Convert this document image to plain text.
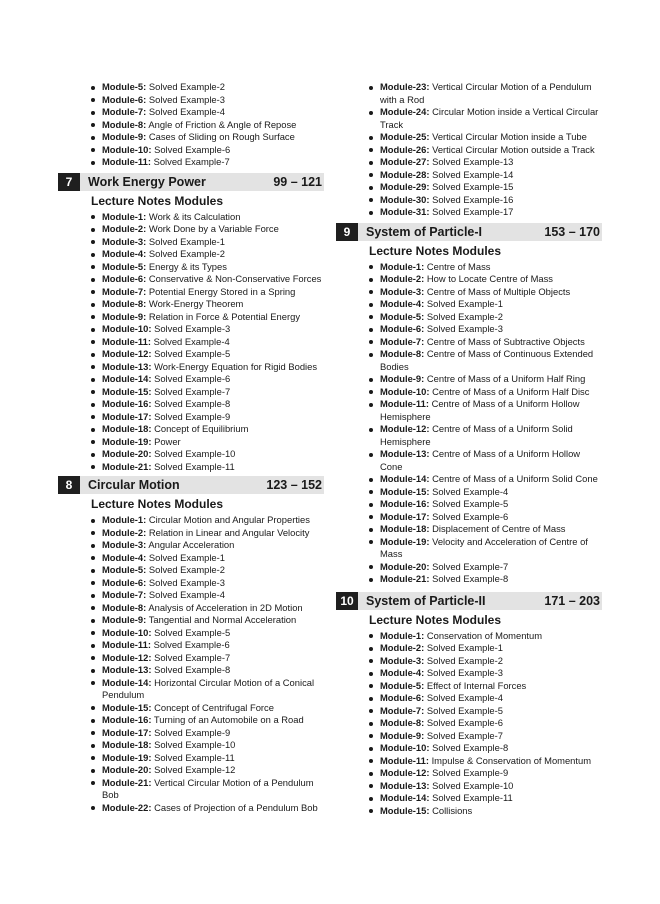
Module-5: Solved Example-2
Module-6: Solved Example-3
Module-7: Solved Example-4
Module-8: Angle of Friction & Angle of Repose
Module-9: Cases of Sliding on Rough Surface
Module-10: Solved Example-6
Module-11: Solved Example-7
7	Work Energy Power	99 – 121
Lecture Notes Modules
Module-1: Work & its Calculation
Module-2: Work Done by a Variable Force
Module-3: Solved Example-1
Module-4: Solved Example-2
Module-5: Energy & its Types
Module-6: Conservative & Non-Conservative Forces
Module-7: Potential Energy Stored in a Spring
Module-8: Work-Energy Theorem
Module-9: Relation in Force & Potential Energy
Module-10: Solved Example-3
Module-11: Solved Example-4
Module-12: Solved Example-5
Module-13: Work-Energy Equation for Rigid Bodies
Module-14: Solved Example-6
Module-15: Solved Example-7
Module-16: Solved Example-8
Module-17: Solved Example-9
Module-18: Concept of Equilibrium
Module-19: Power
Module-20: Solved Example-10
Module-21: Solved Example-11
8	Circular Motion	123 – 152
Lecture Notes Modules
Module-1: Circular Motion and Angular Properties
Module-2: Relation in Linear and Angular Velocity
Module-3: Angular Acceleration
Module-4: Solved Example-1
Module-5: Solved Example-2
Module-6: Solved Example-3
Module-7: Solved Example-4
Module-8: Analysis of Acceleration in 2D Motion
Module-9: Tangential and Normal Acceleration
Module-10: Solved Example-5
Module-11: Solved Example-6
Module-12: Solved Example-7
Module-13: Solved Example-8
Module-14: Horizontal Circular Motion of a Conical Pendulum
Module-15: Concept of Centrifugal Force
Module-16: Turning of an Automobile on a Road
Module-17: Solved Example-9
Module-18: Solved Example-10
Module-19: Solved Example-11
Module-20: Solved Example-12
Module-21: Vertical Circular Motion of a Pendulum Bob
Module-22: Cases of Projection of a Pendulum Bob
Module-23: Vertical Circular Motion of a Pendulum with a Rod
Module-24: Circular Motion inside a Vertical Circular Track
Module-25: Vertical Circular Motion inside a Tube
Module-26: Vertical Circular Motion outside a Track
Module-27: Solved Example-13
Module-28: Solved Example-14
Module-29: Solved Example-15
Module-30: Solved Example-16
Module-31: Solved Example-17
9	System of Particle-I	153 – 170
Lecture Notes Modules
Module-1: Centre of Mass
Module-2: How to Locate Centre of Mass
Module-3: Centre of Mass of Multiple Objects
Module-4: Solved Example-1
Module-5: Solved Example-2
Module-6: Solved Example-3
Module-7: Centre of Mass of Subtractive Objects
Module-8: Centre of Mass of Continuous Extended Bodies
Module-9: Centre of Mass of a Uniform Half Ring
Module-10: Centre of Mass of a Uniform Half Disc
Module-11: Centre of Mass of a Uniform Hollow Hemisphere
Module-12: Centre of Mass of a Uniform Solid Hemisphere
Module-13: Centre of Mass of a Uniform Hollow Cone
Module-14: Centre of Mass of a Uniform Solid Cone
Module-15: Solved Example-4
Module-16: Solved Example-5
Module-17: Solved Example-6
Module-18: Displacement of Centre of Mass
Module-19: Velocity and Acceleration of Centre of Mass
Module-20: Solved Example-7
Module-21: Solved Example-8
10 System of Particle-II	171 – 203
Lecture Notes Modules
Module-1: Conservation of Momentum
Module-2: Solved Example-1
Module-3: Solved Example-2
Module-4: Solved Example-3
Module-5: Effect of Internal Forces
Module-6: Solved Example-4
Module-7: Solved Example-5
Module-8: Solved Example-6
Module-9: Solved Example-7
Module-10: Solved Example-8
Module-11: Impulse & Conservation of Momentum
Module-12: Solved Example-9
Module-13: Solved Example-10
Module-14: Solved Example-11
Module-15: Collisions
